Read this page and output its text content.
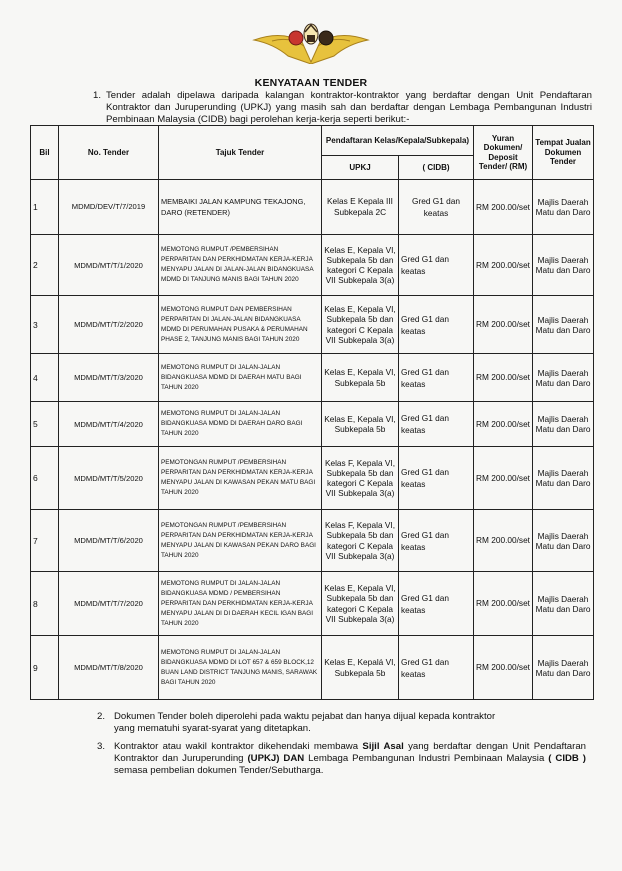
KENYATAAN TENDER
1. Tender adalah dipelawa daripada kalangan kontraktor-kontraktor yang berdaftar dengan Unit Pendaftaran Kontraktor dan Juruperunding (UPKJ) yang masih sah dan berdaftar dengan Lembaga Pembangunan Industri Pembinaan Malaysia (CIDB) bagi perolehan kerja-kerja seperti berikut:-
Bil	No. Tender	Tajuk Tender	Pendaftaran Kelas/Kepala/Subkepala)		Yuran Dokumen/ Deposit Tender/ (RM)	Tempat Jualan Dokumen Tender
			UPKJ	( CIDB)		
1	MDMD/DEV/T/7/2019	MEMBAIKI JALAN KAMPUNG TEKAJONG, DARO (RETENDER)	Kelas E Kepala III Subkepala 2C	Gred G1 dan keatas	RM 200.00/set	Majlis Daerah Matu dan Daro
2	MDMD/MT/T/1/2020	MEMOTONG RUMPUT /PEMBERSIHAN PERPARITAN DAN PERKHIDMATAN KERJA-KERJA MENYAPU JALAN DI JALAN-JALAN BIDANGKUASA MDMD DI TANJUNG MANIS BAGI TAHUN 2020	Kelas E, Kepala VI, Subkepala 5b dan kategori C Kepala VII Subkepala 3(a)	Gred G1 dan keatas	RM 200.00/set	Majlis Daerah Matu dan Daro
3	MDMD/MT/T/2/2020	MEMOTONG RUMPUT DAN PEMBERSIHAN PERPARITAN DI JALAN-JALAN BIDANGKUASA MDMD DI PERUMAHAN PUSAKA & PERUMAHAN PHASE 2, TANJUNG MANIS BAGI TAHUN 2020	Kelas E, Kepala VI, Subkepala 5b dan kategori C Kepala VII Subkepala 3(a)	Gred G1 dan keatas	RM 200.00/set	Majlis Daerah Matu dan Daro
4	MDMD/MT/T/3/2020	MEMOTONG RUMPUT DI JALAN-JALAN BIDANGKUASA MDMD DI DAERAH MATU BAGI TAHUN 2020	Kelas E, Kepala VI, Subkepala 5b	Gred G1 dan keatas	RM 200.00/set	Majlis Daerah Matu dan Daro
5	MDMD/MT/T/4/2020	MEMOTONG RUMPUT DI JALAN-JALAN BIDANGKUASA MDMD DI DAERAH DARO BAGI TAHUN 2020	Kelas E, Kepala VI, Subkepala 5b	Gred G1 dan keatas	RM 200.00/set	Majlis Daerah Matu dan Daro
6	MDMD/MT/T/5/2020	PEMOTONGAN RUMPUT /PEMBERSIHAN PERPARITAN DAN PERKHIDMATAN KERJA-KERJA MENYAPU JALAN DI KAWASAN PEKAN MATU BAGI TAHUN 2020	Kelas F, Kepala VI, Subkepala 5b dan kategori C Kepala VII Subkepala 3(a)	Gred G1 dan keatas	RM 200.00/set	Majlis Daerah Matu dan Daro
7	MDMD/MT/T/6/2020	PEMOTONGAN RUMPUT /PEMBERSIHAN PERPARITAN DAN PERKHIDMATAN KERJA-KERJA MENYAPU JALAN DI KAWASAN PEKAN DARO BAGI TAHUN 2020	Kelas F, Kepala VI, Subkepala 5b dan kategori C Kepala VII Subkepala 3(a)	Gred G1 dan keatas	RM 200.00/set	Majlis Daerah Matu dan Daro
8	MDMD/MT/T/7/2020	MEMOTONG RUMPUT DI JALAN-JALAN BIDANGKUASA MDMD / PEMBERSIHAN PERPARITAN DAN PERKHIDMATAN KERJA-KERJA MENYAPU JALAN DI DI DAERAH KECIL IGAN BAGI TAHUN 2020	Kelas E, Kepala VI, Subkepala 5b dan kategori C Kepala VII Subkepala 3(a)	Gred G1 dan keatas	RM 200.00/set	Majlis Daerah Matu dan Daro
9	MDMD/MT/T/8/2020	MEMOTONG RUMPUT DI JALAN-JALAN BIDANGKUASA MDMD DI LOT 657 & 659 BLOCK,12 BUAN LAND DISTRICT TANJUNG MANIS, SARAWAK BAGI TAHUN 2020	Kelas E, Kepalá VI, Subkepala 5b	Gred G1 dan keatas	RM 200.00/set	Majlis Daerah Matu dan Daro
2. Dokumen Tender boleh diperolehi pada waktu pejabat dan hanya dijual kepada kontraktor yang mematuhi syarat-syarat yang ditetapkan.
3. Kontraktor atau wakil kontraktor dikehendaki membawa Sijil Asal yang berdaftar dengan Unit Pendaftaran Kontraktor dan Juruperunding (UPKJ) DAN Lembaga Pembangunan Industri Pembinaan Malaysia ( CIDB ) semasa pembelian dokumen Tender/Sebutharga.
